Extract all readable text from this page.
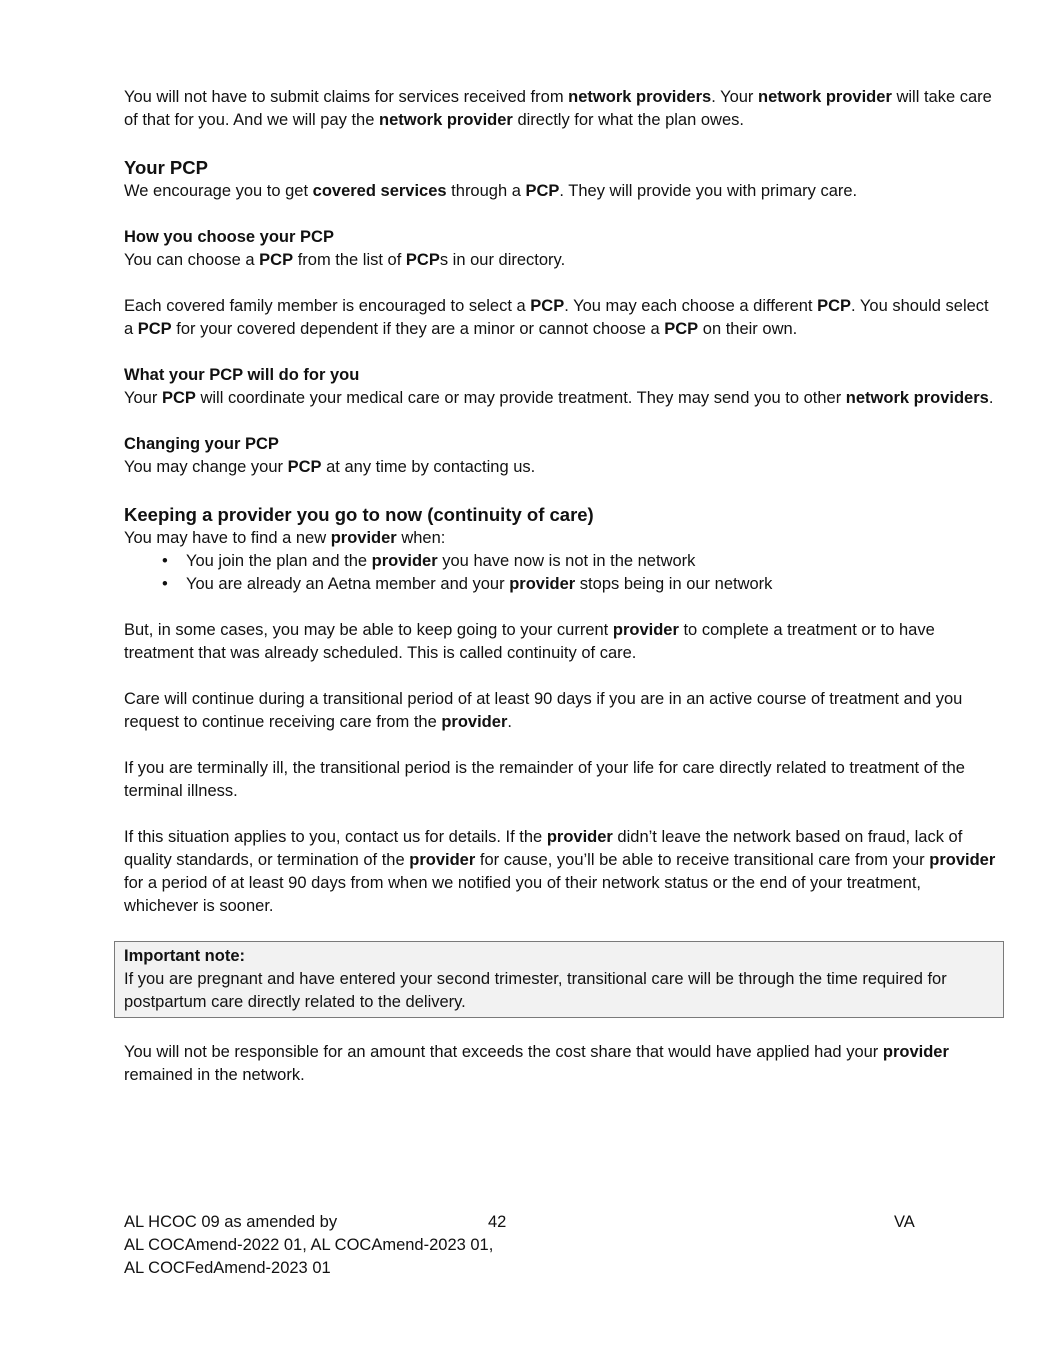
You will not have to submit claims for services received from network providers. Your network provider will take care of that for you. And we will pay the network provider directly for what the plan owes.

Your PCP

We encourage you to get covered services through a PCP. They will provide you with primary care.

How you choose your PCP

You can choose a PCP from the list of PCPs in our directory.

Each covered family member is encouraged to select a PCP. You may each choose a different PCP. You should select a PCP for your covered dependent if they are a minor or cannot choose a PCP on their own.

What your PCP will do for you

Your PCP will coordinate your medical care or may provide treatment. They may send you to other network providers.

Changing your PCP

You may change your PCP at any time by contacting us.

Keeping a provider you go to now (continuity of care)

You may have to find a new provider when:

• You join the plan and the provider you have now is not in the network
• You are already an Aetna member and your provider stops being in our network

But, in some cases, you may be able to keep going to your current provider to complete a treatment or to have treatment that was already scheduled. This is called continuity of care.

Care will continue during a transitional period of at least 90 days if you are in an active course of treatment and you request to continue receiving care from the provider.

If you are terminally ill, the transitional period is the remainder of your life for care directly related to treatment of the terminal illness.

If this situation applies to you, contact us for details. If the provider didn’t leave the network based on fraud, lack of quality standards, or termination of the provider for cause, you’ll be able to receive transitional care from your provider for a period of at least 90 days from when we notified you of their network status or the end of your treatment, whichever is sooner.

Important note:

If you are pregnant and have entered your second trimester, transitional care will be through the time required for postpartum care directly related to the delivery.

You will not be responsible for an amount that exceeds the cost share that would have applied had your provider remained in the network.

AL HCOC 09 as amended by
AL COCAmend-2022 01, AL COCAmend-2023 01,
AL COCFedAmend-2023 01
42	VA
